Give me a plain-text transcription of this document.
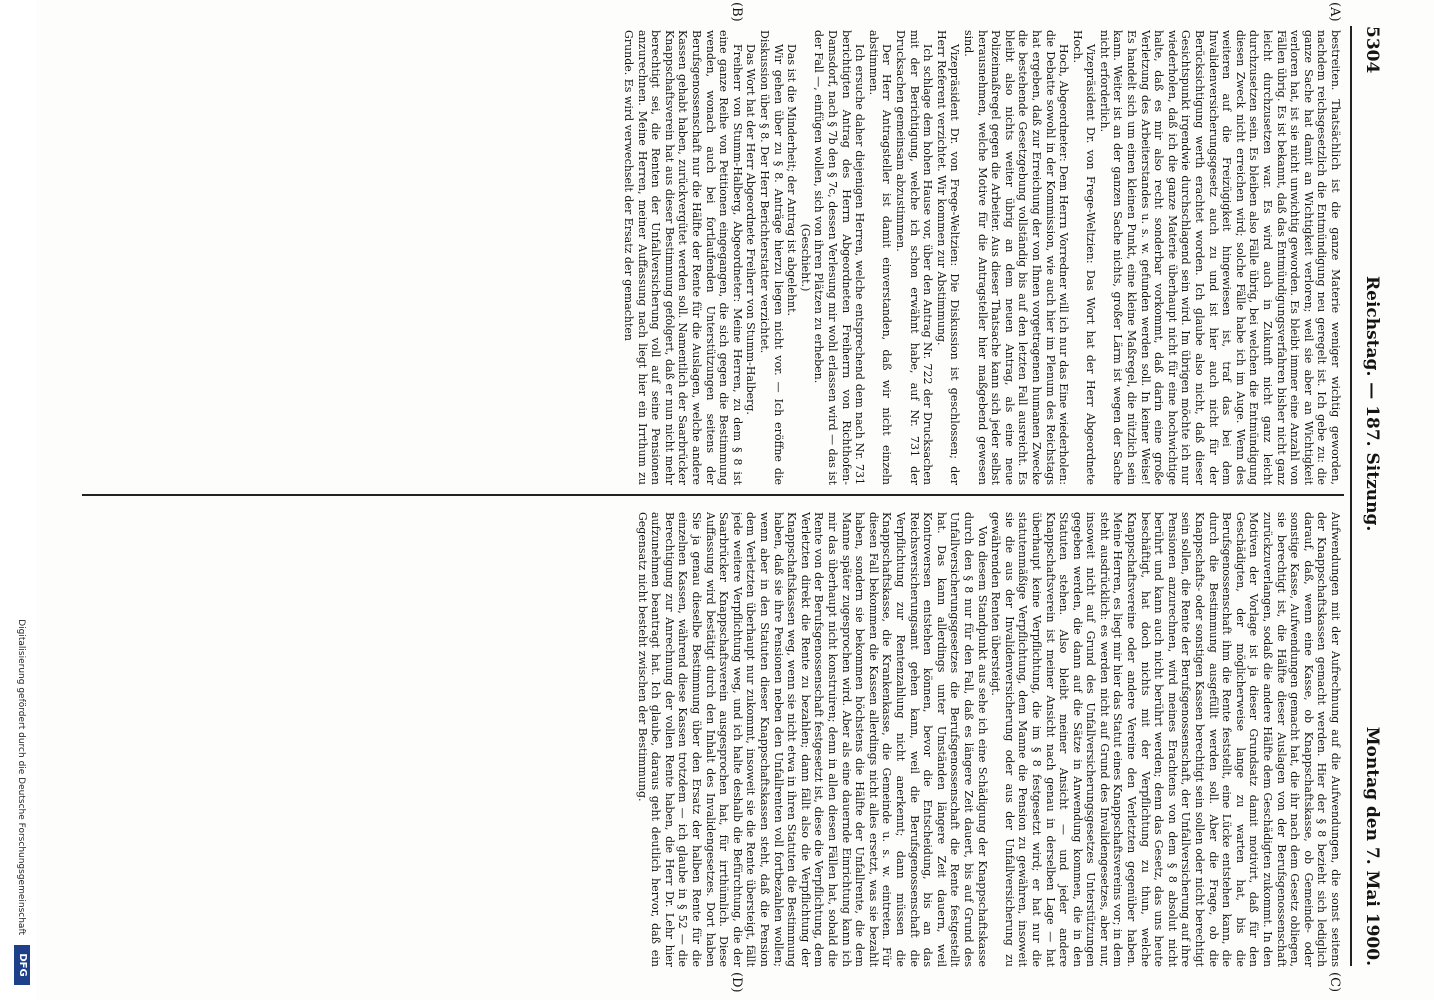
5304
Reichstag. — 187. Sitzung.
Montag den 7. Mai 1900.
(A)
(B)
(C)
(D)

bestreiten. Thatsächlich ist die ganze Materie weniger wichtig geworden, nachdem reichsgesetzlich die Entmündigung neu geregelt ist. Ich gebe zu: die ganze Sache hat damit an Wichtigkeit verloren; weil sie aber an Wichtigkeit verloren hat, ist sie nicht unwichtig geworden. Es bleibt immer eine Anzahl von Fällen übrig. Es ist bekannt, daß das Entmündigungsverfahren bisher nicht ganz leicht durchzusetzen war. Es wird auch in Zukunft nicht ganz leicht durchzusetzen sein. Es bleiben also Fälle übrig, bei welchen die Entmündigung diesen Zweck nicht erreichen wird; solche Fälle habe ich im Auge. Wenn des weiteren auf die Freizügigkeit hingewiesen ist, traf das bei dem Invalidenversicherungsgesetz auch zu und ist hier auch nicht für der Berücksichtigung werth erachtet worden. Ich glaube also nicht, daß dieser Gesichtspunkt irgendwie durchschlagend sein wird. Im übrigen möchte ich nur wiederholen, daß ich die ganze Materie überhaupt nicht für eine hochwichtige halte, daß es mir also recht sonderbar vorkommt, daß darin eine große Verletzung des Arbeiterstandes u. s. w. gefunden werden soll. In keiner Weise! Es handelt sich um einen kleinen Punkt, eine kleine Maßregel, die nützlich sein kann. Weiter ist an der ganzen Sache nichts, großer Lärm ist wegen der Sache nicht erforderlich.

Vizepräsident Dr. von Frege-Weltzien: Das Wort hat der Herr Abgeordnete Hoch.

Hoch, Abgeordneter: Dem Herrn Vorredner will ich nur das Eine wiederholen: die Debatte sowohl in der Kommission, wie auch hier im Plenum des Reichstags hat ergeben, daß zur Erreichung der von Ihnen vorgetragenen humanen Zwecke die bestehende Gesetzgebung vollständig bis auf den letzten Fall ausreicht. Es bleibt also nichts weiter übrig an dem neuen Antrag, als eine neue Polizeimaßregel gegen die Arbeiter. Aus dieser Thatsache kann sich jeder selbst herausnehmen, welche Motive für die Antragsteller hier maßgebend gewesen sind.

Vizepräsident Dr. von Frege-Weltzien: Die Diskussion ist geschlossen; der Herr Referent verzichtet. Wir kommen zur Abstimmung.

Ich schlage dem hohen Hause vor, über den Antrag Nr. 722 der Drucksachen mit der Berichtigung, welche ich schon erwähnt habe, auf Nr. 731 der Drucksachen gemeinsam abzustimmen.

Der Herr Antragsteller ist damit einverstanden, daß wir nicht einzeln abstimmen.

Ich ersuche daher diejenigen Herren, welche entsprechend dem nach Nr. 731 berichtigten Antrag des Herrn Abgeordneten Freiherrn von Richthofen-Damsdorf, nach § 7b den § 7c, dessen Verlesung mir wohl erlassen wird — das ist der Fall —, einfügen wollen, sich von ihren Plätzen zu erheben.

(Geschieht.)

Das ist die Minderheit; der Antrag ist abgelehnt.

Wir gehen über zu § 8. Anträge hierzu liegen nicht vor. — Ich eröffne die Diskussion über § 8. Der Herr Berichterstatter verzichtet.

Das Wort hat der Herr Abgeordnete Freiherr von Stumm-Halberg.

Freiherr von Stumm-Halberg, Abgeordneter: Meine Herren, zu dem § 8 ist eine ganze Reihe von Petitionen eingegangen, die sich gegen die Bestimmung wenden, wonach auch bei fortlaufenden Unterstützungen seitens der Berufsgenossenschaft nur die Hälfte der Rente für die Auslagen, welche andere Kassen gehabt haben, zurückvergütet werden soll. Namentlich der Saarbrücker Knappschaftsverein hat aus dieser Bestimmung gefolgert, daß er nun nicht mehr berechtigt sei, die Renten der Unfallversicherung voll auf seine Pensionen anzurechnen. Meine Herren, meiner Auffassung nach liegt hier ein Irrthum zu Grunde. Es wird verwechselt der Ersatz der gemachten

Aufwendungen mit der Aufrechnung auf die Aufwendungen, die sonst seitens der Knappschaftskassen gemacht werden. Hier der § 8 bezieht sich lediglich darauf, daß, wenn eine Kasse, ob Knappschaftskasse, ob Gemeinde- oder sonstige Kasse, Aufwendungen gemacht hat, die ihr nach dem Gesetz obliegen, sie berechtigt ist, die Hälfte dieser Auslagen von der Berufsgenossenschaft zurückzuverlangen, sodaß die andere Hälfte dem Geschädigten zukommt. In den Motiven der Vorlage ist ja dieser Grundsatz damit motivirt, daß für den Geschädigten, der möglicherweise lange zu warten hat, bis die Berufsgenossenschaft ihm die Rente feststellt, eine Lücke entstehen kann, die durch die Bestimmung ausgefüllt werden soll. Aber die Frage, ob die Knappschafts- oder sonstigen Kassen berechtigt sein sollen oder nicht berechtigt sein sollen, die Rente der Berufsgenossenschaft, der Unfallversicherung auf ihre Pensionen anzurechnen, wird meines Erachtens von dem § 8 absolut nicht berührt und kann auch nicht berührt werden; denn das Gesetz, das uns heute beschäftigt, hat doch nichts mit der Verpflichtung zu thun, welche Knappschaftsvereine oder andere Vereine den Verletzten gegenüber haben. Meine Herren, es liegt mir hier das Statut eines Knappschaftsvereins vor; in dem steht ausdrücklich: es werden nicht auf Grund des Invalidengesetzes, aber nur, insoweit nicht auf Grund des Unfallversicherungsgesetzes Unterstützungen gegeben werden, die dann auf die Sätze in Anwendung kommen, die in den Statuten stehen. Also bleibt meiner Ansicht — und jeder andere Knappschaftsverein ist meiner Ansicht nach genau in derselben Lage — hat überhaupt keine Verpflichtung, die im § 8 festgesetzt wird; er hat nur die statutenmäßige Verpflichtung, dem Manne die Pension zu gewähren, insoweit sie die aus der Invalidenversicherung oder aus der Unfallversicherung zu gewährenden Renten übersteigt.

Von diesem Standpunkt aus sehe ich eine Schädigung der Knappschaftskasse durch den § 8 nur für den Fall, daß es längere Zeit dauert, bis auf Grund des Unfallversicherungsgesetzes die Berufsgenossenschaft die Rente festgestellt hat. Das kann allerdings unter Umständen längere Zeit dauern, weil Kontroversen entstehen können, bevor die Entscheidung, bis an das Reichsversicherungsamt gehen kann, weil die Berufsgenossenschaft die Verpflichtung zur Rentenzahlung nicht anerkennt; dann müssen die Knappschaftskasse, die Krankenkasse, die Gemeinde u. s. w. eintreten. Für diesen Fall bekommen die Kassen allerdings nicht alles ersetzt, was sie bezahlt haben, sondern sie bekommen höchstens die Hälfte der Unfallrente, die dem Manne später zugesprochen wird. Aber als eine dauernde Einrichtung kann ich mir das überhaupt nicht konstruiren; denn in allen diesen Fällen hat, sobald die Rente von der Berufsgenossenschaft festgesetzt ist, diese die Verpflichtung, dem Verletzten direkt die Rente zu bezahlen; dann fällt also die Verpflichtung der Knappschaftskassen weg, wenn sie nicht etwa in ihren Statuten die Bestimmung haben, daß sie ihre Pensionen neben den Unfallrenten voll fortbezahlen wollen; wenn aber in den Statuten dieser Knappschaftskassen steht, daß die Pension dem Verletzten überhaupt nur zukommt, insoweit sie die Rente übersteigt, fällt jede weitere Verpflichtung weg, und ich halte deshalb die Befürchtung, die der Saarbrücker Knappschaftsverein ausgesprochen hat, für irrthümlich. Diese Auffassung wird bestätigt durch den Inhalt des Invalidengesetzes. Dort haben Sie ja genau dieselbe Bestimmung über den Ersatz der halben Rente für die einzelnen Kassen, während diese Kassen trotzdem — ich glaube in § 52 — die Berechtigung zur Anrechnung der vollen Rente haben, die Herr Dr. Lehr hier aufzunehmen beantragt hat. Ich glaube, daraus geht deutlich hervor, daß ein Gegensatz nicht besteht zwischen der Bestimmung.

Digitalisierung gefördert durch die Deutsche Forschungsgemeinschaft
DFG
